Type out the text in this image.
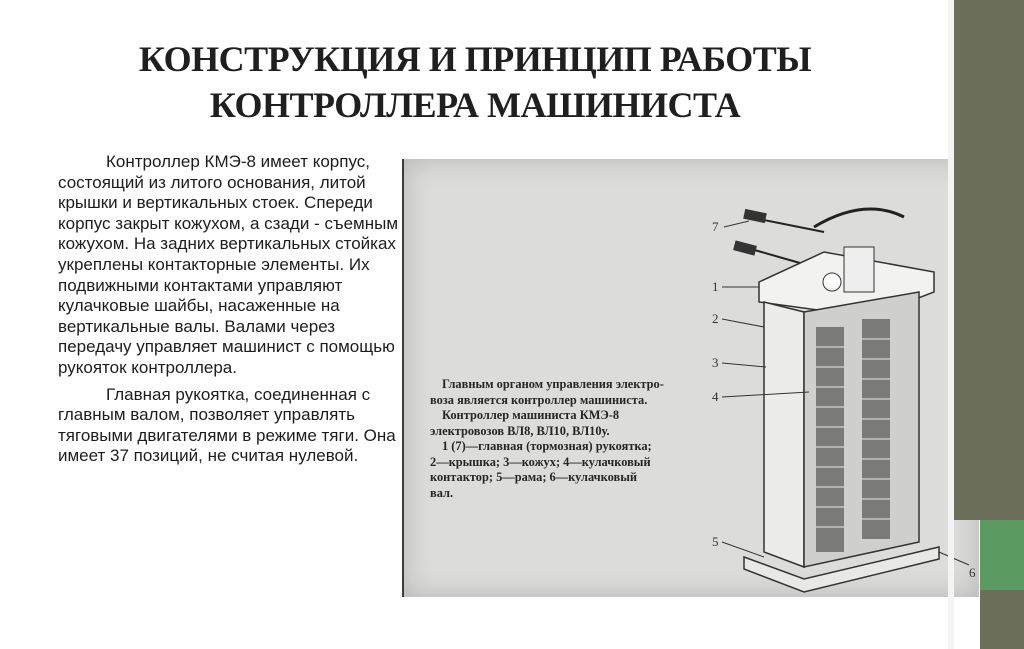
КОНСТРУКЦИЯ И ПРИНЦИП РАБОТЫ
КОНТРОЛЛЕРА МАШИНИСТА

Контроллер КМЭ-8 имеет корпус, состоящий из литого основания, литой крышки и вертикальных стоек. Спереди корпус закрыт кожухом, а сзади - съемным кожухом. На задних вертикальных стойках укреплены контакторные элементы. Их подвижными контактами управляют кулачковые шайбы, насаженные на вертикальные валы. Валами через передачу управляет машинист с помощью рукояток контроллера.

Главная рукоятка, соединенная с главным валом, позволяет управлять тяговыми двигателями в режиме тяги. Она имеет 37 позиций, не считая нулевой.

Главным органом управления электро-
воза является контроллер машиниста.
Контроллер машиниста КМЭ-8
электровозов ВЛ8, ВЛ10, ВЛ10у.
1 (7)—главная (тормозная) рукоятка;
2—крышка; 3—кожух; 4—кулачковый
контактор; 5—рама; 6—кулачковый
вал.
7
1
2
3
4
5
6
